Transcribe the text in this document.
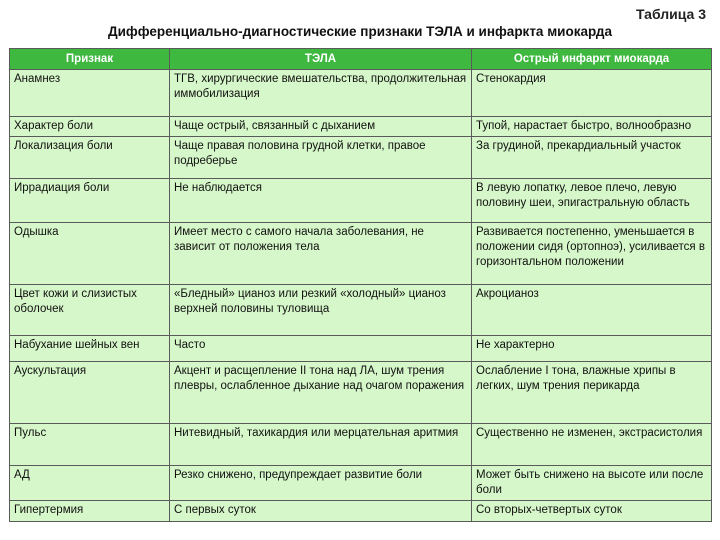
Таблица 3
Дифференциально-диагностические признаки ТЭЛА и инфаркта миокарда
Признак	ТЭЛА	Острый инфаркт миокарда
Анамнез	ТГВ, хирургические вмешательства, продолжительная иммобилизация	Стенокардия
Характер боли	Чаще острый, связанный с дыханием	Тупой, нарастает быстро, волнообразно
Локализация боли	Чаще правая половина грудной клетки, правое подреберье	За грудиной, прекардиальный участок
Иррадиация боли	Не наблюдается	В левую лопатку, левое плечо, левую половину шеи, эпигастральную область
Одышка	Имеет место с самого начала заболевания, не зависит от положения тела	Развивается постепенно, уменьшается в положении сидя (ортопноэ), усиливается в горизонтальном положении
Цвет кожи и слизистых оболочек	«Бледный» цианоз или резкий «холодный» цианоз верхней половины туловища	Акроцианоз
Набухание шейных вен	Часто	Не характерно
Аускультация	Акцент и расщепление II тона над ЛА, шум трения плевры, ослабленное дыхание над очагом поражения	Ослабление I тона, влажные хрипы в легких, шум трения перикарда
Пульс	Нитевидный, тахикардия или мерцательная аритмия	Существенно не изменен, экстрасистолия
АД	Резко снижено, предупреждает развитие боли	Может быть снижено на высоте или после боли
Гипертермия	С первых суток	Со вторых-четвертых суток
